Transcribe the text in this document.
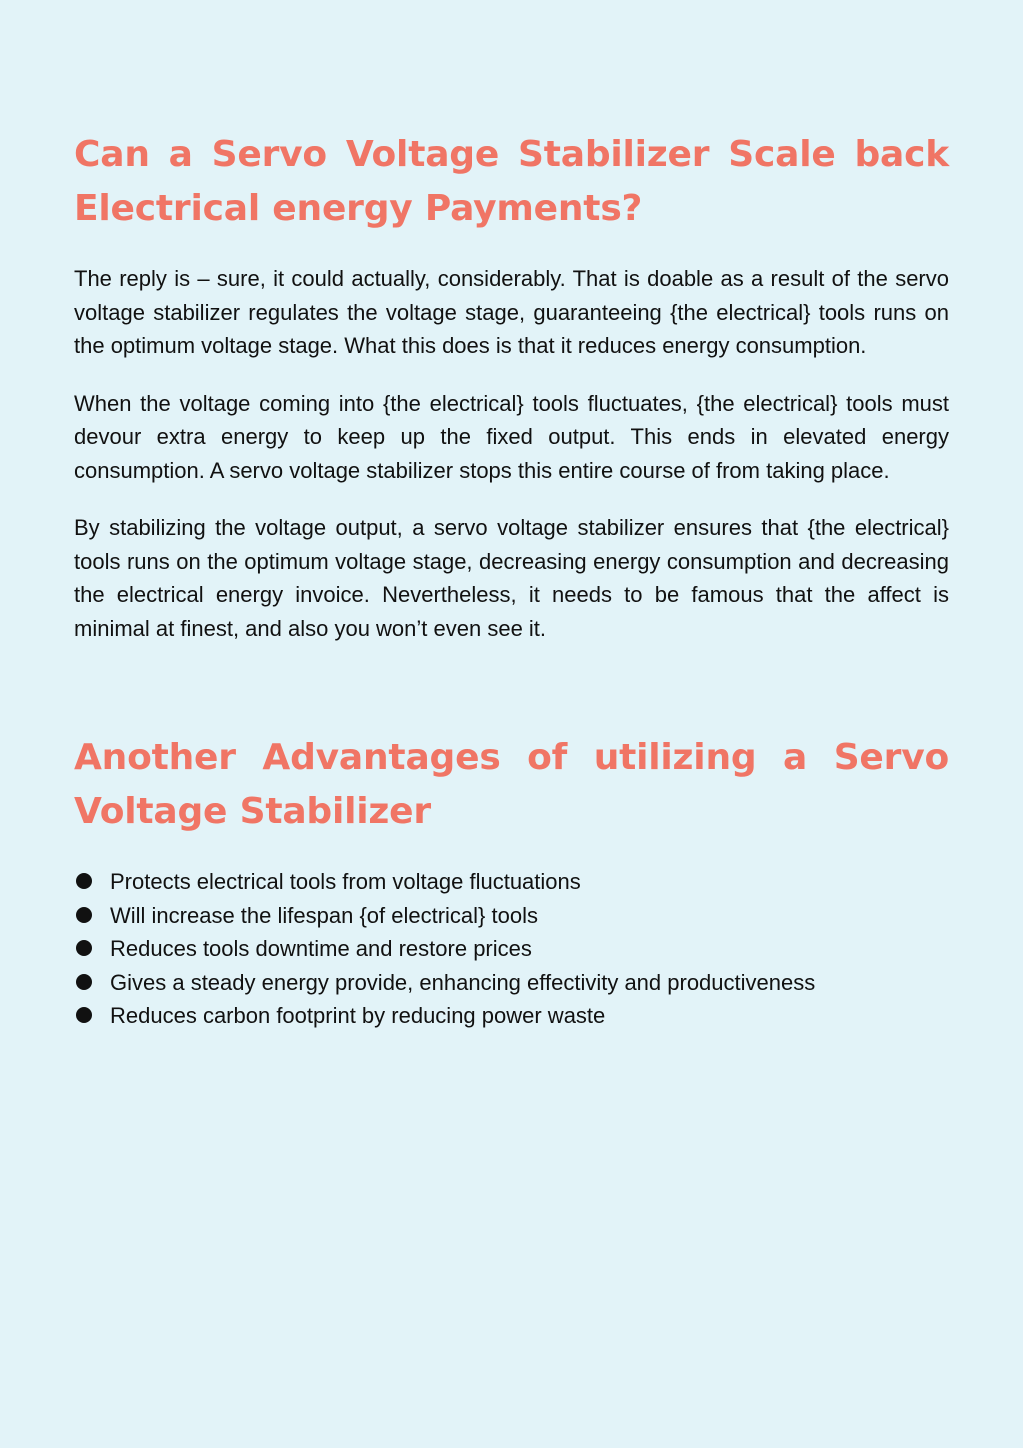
Can a Servo Voltage Stabilizer Scale back Electrical energy Payments?

The reply is – sure, it could actually, considerably. That is doable as a result of the servo voltage stabilizer regulates the voltage stage, guaranteeing {the electrical} tools runs on the optimum voltage stage. What this does is that it reduces energy consumption.

When the voltage coming into {the electrical} tools fluctuates, {the electrical} tools must devour extra energy to keep up the fixed output. This ends in elevated energy consumption. A servo voltage stabilizer stops this entire course of from taking place.

By stabilizing the voltage output, a servo voltage stabilizer ensures that {the electrical} tools runs on the optimum voltage stage, decreasing energy consumption and decreasing the electrical energy invoice. Nevertheless, it needs to be famous that the affect is minimal at finest, and also you won’t even see it.

Another Advantages of utilizing a Servo Voltage Stabilizer
Protects electrical tools from voltage fluctuations
Will increase the lifespan {of electrical} tools
Reduces tools downtime and restore prices
Gives a steady energy provide, enhancing effectivity and productiveness
Reduces carbon footprint by reducing power waste
